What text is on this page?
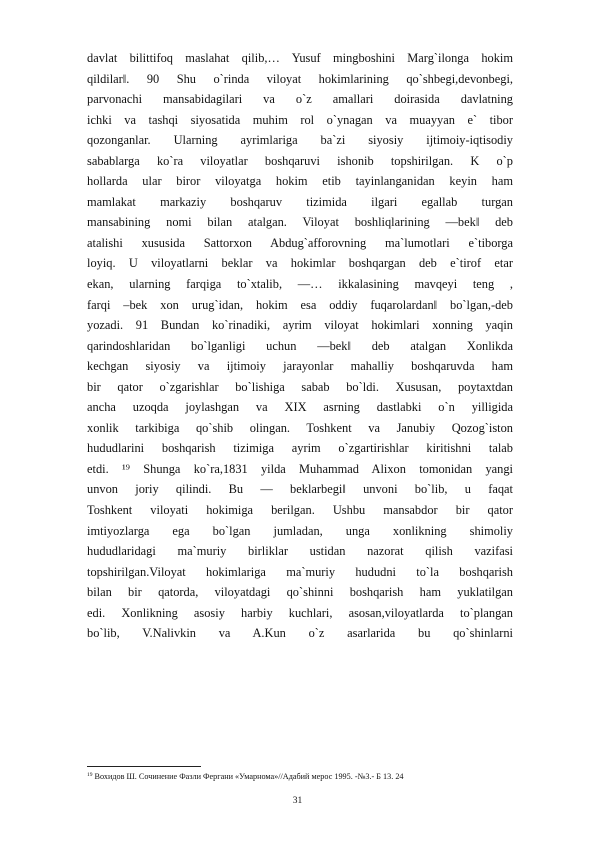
davlat bilittifoq maslahat qilib,… Yusuf mingboshini Marg`ilonga hokim
qildilar‖. 90 Shu o`rinda viloyat hokimlarining qo`shbegi,devonbegi,
parvonachi mansabidagilari va o`z amallari doirasida davlatning
ichki va tashqi siyosatida muhim rol o`ynagan va muayyan e` tibor
qozonganlar. Ularning ayrimlariga ba`zi siyosiy ijtimoiy-iqtisodiy
sabablarga ko`ra viloyatlar boshqaruvi ishonib topshirilgan. K o`p
hollarda ular biror viloyatga hokim etib tayinlanganidan keyin ham
mamlakat markaziy boshqaruv tizimida ilgari egallab turgan
mansabining nomi bilan atalgan. Viloyat boshliqlarining ―bek‖ deb
atalishi xususida Sattorxon Abdug`afforovning ma`lumotlari e`tiborga
loyiq. U viloyatlarni beklar va hokimlar boshqargan deb e`tirof etar
ekan, ularning farqiga to`xtalib, ―… ikkalasining mavqeyi teng ,
farqi –bek xon urug`idan, hokim esa oddiy fuqarolardan‖ bo`lgan,-deb
yozadi. 91 Bundan ko`rinadiki, ayrim viloyat hokimlari xonning yaqin
qarindoshlaridan bo`lganligi uchun ―bek‖ deb atalgan Xonlikda
kechgan siyosiy va ijtimoiy jarayonlar mahalliy boshqaruvda ham
bir qator o`zgarishlar bo`lishiga sabab bo`ldi. Xususan, poytaxtdan
ancha uzoqda joylashgan va XIX asrning dastlabki o`n yilligida
xonlik tarkibiga qo`shib olingan. Toshkent va Janubiy Qozog`iston
hududlarini boshqarish tizimiga ayrim o`zgartirishlar kiritishni talab
etdi. ¹⁹ Shunga ko`ra,1831 yilda Muhammad Alixon tomonidan yangi
unvon joriy qilindi. Bu — beklarbegi‖ unvoni bo`lib, u faqat
Toshkent viloyati hokimiga berilgan. Ushbu mansabdor bir qator
imtiyozlarga ega bo`lgan jumladan, unga xonlikning shimoliy
hududlaridagi ma`muriy birliklar ustidan nazorat qilish vazifasi
topshirilgan.Viloyat hokimlariga ma`muriy hududni to`la boshqarish
bilan bir qatorda, viloyatdagi qo`shinni boshqarish ham yuklatilgan
edi. Xonlikning asosiy harbiy kuchlari, asosan,viloyatlarda to`plangan
bo`lib, V.Nalivkin va A.Kun o`z asarlarida bu qo`shinlarni
$^{19}$ Вохидов Ш. Сочинение Фазли Фергани «Умарнома»//Адабий мерос 1995. -№3.- Б 13. 24
31
